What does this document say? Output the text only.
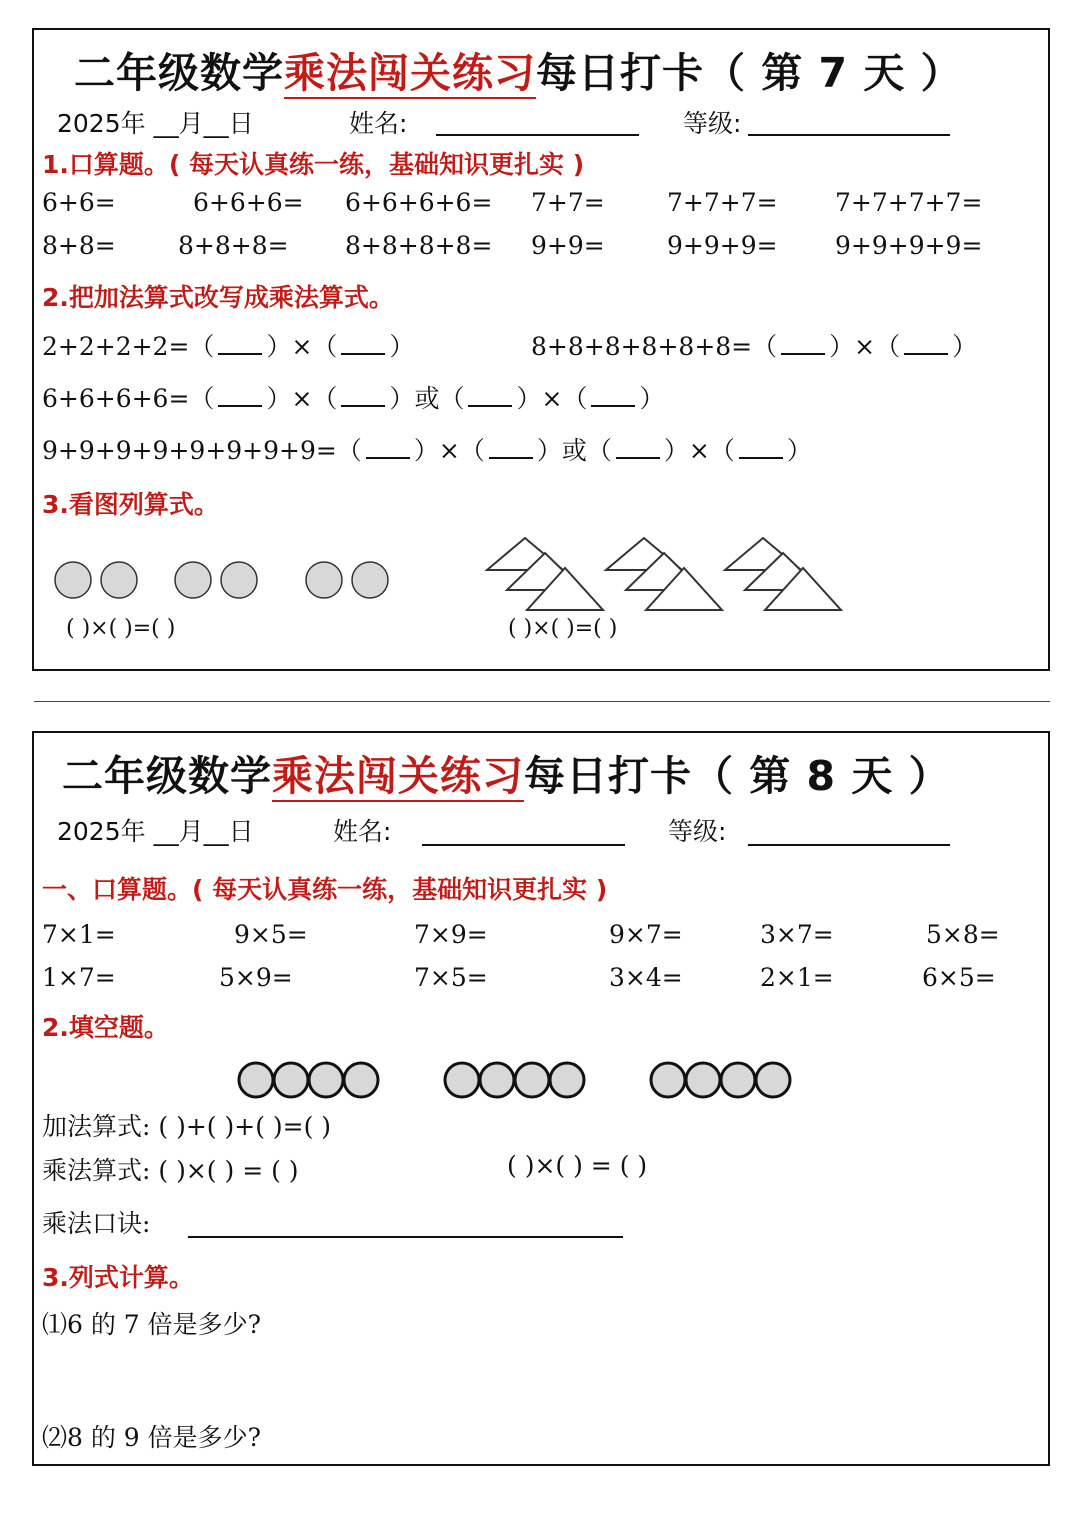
二年级数学乘法闯关练习每日打卡（ 第 7 天 ）
2025年 __月__日	姓名:	等级:
1.口算题。( 每天认真练一练，基础知识更扎实 )
6+6=	6+6+6= 6+6+6+6= 7+7= 7+7+7= 7+7+7+7=
8+8= 8+8+8= 8+8+8+8= 9+9= 9+9+9= 9+9+9+9=
2.把加法算式改写成乘法算式。
2+2+2+2=（ ）×（ ）	8+8+8+8+8+8=（ ）×（ ）
6+6+6+6=（ ）×（ ）或（ ）×（ ）
9+9+9+9+9+9+9+9=（ ）×（ ）或（ ）×（ ）
3.看图列算式。
( )×( )=( )	( )×( )=( )
二年级数学乘法闯关练习每日打卡（ 第 8 天 ）
2025年 __月__日	姓名:	等级:
一、口算题。( 每天认真练一练，基础知识更扎实 )
7×1=	9×5=	7×9=	9×7=	3×7=	5×8=
1×7=	5×9=	7×5=	3×4=	2×1=	6×5=
2.填空题。
加法算式: ( )+( )+( )=( )
乘法算式: ( )×( ) = ( )	( )×( ) = ( )
乘法口诀:
3.列式计算。
⑴6 的 7 倍是多少?
⑵8 的 9 倍是多少?
